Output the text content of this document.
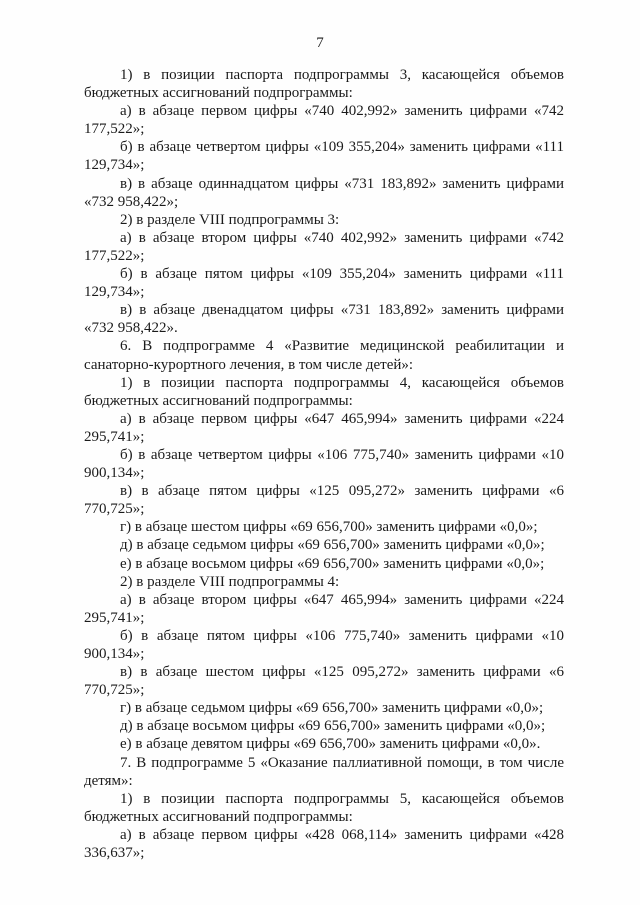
7

1) в позиции паспорта подпрограммы 3, касающейся объемов бюджетных ассигнований подпрограммы:

а) в абзаце первом цифры «740 402,992» заменить цифрами «742 177,522»;

б) в абзаце четвертом цифры «109 355,204» заменить цифрами «111 129,734»;

в) в абзаце одиннадцатом цифры «731 183,892» заменить цифрами «732 958,422»;

2) в разделе VIII подпрограммы 3:

а) в абзаце втором цифры «740 402,992» заменить цифрами «742 177,522»;

б) в абзаце пятом цифры «109 355,204» заменить цифрами «111 129,734»;

в) в абзаце двенадцатом цифры «731 183,892» заменить цифрами «732 958,422».

6. В подпрограмме 4 «Развитие медицинской реабилитации и санаторно-курортного лечения, в том числе детей»:

1) в позиции паспорта подпрограммы 4, касающейся объемов бюджетных ассигнований подпрограммы:

а) в абзаце первом цифры «647 465,994» заменить цифрами «224 295,741»;

б) в абзаце четвертом цифры «106 775,740» заменить цифрами «10 900,134»;

в) в абзаце пятом цифры «125 095,272» заменить цифрами «6 770,725»;

г) в абзаце шестом цифры «69 656,700» заменить цифрами «0,0»;

д) в абзаце седьмом цифры «69 656,700» заменить цифрами «0,0»;

е) в абзаце восьмом цифры «69 656,700» заменить цифрами «0,0»;

2) в разделе VIII подпрограммы 4:

а) в абзаце втором цифры «647 465,994» заменить цифрами «224 295,741»;

б) в абзаце пятом цифры «106 775,740» заменить цифрами «10 900,134»;

в) в абзаце шестом цифры «125 095,272» заменить цифрами «6 770,725»;

г) в абзаце седьмом цифры «69 656,700» заменить цифрами «0,0»;

д) в абзаце восьмом цифры «69 656,700» заменить цифрами «0,0»;

е) в абзаце девятом цифры «69 656,700» заменить цифрами «0,0».

7. В подпрограмме 5 «Оказание паллиативной помощи, в том числе детям»:

1) в позиции паспорта подпрограммы 5, касающейся объемов бюджетных ассигнований подпрограммы:

а) в абзаце первом цифры «428 068,114» заменить цифрами «428 336,637»;
